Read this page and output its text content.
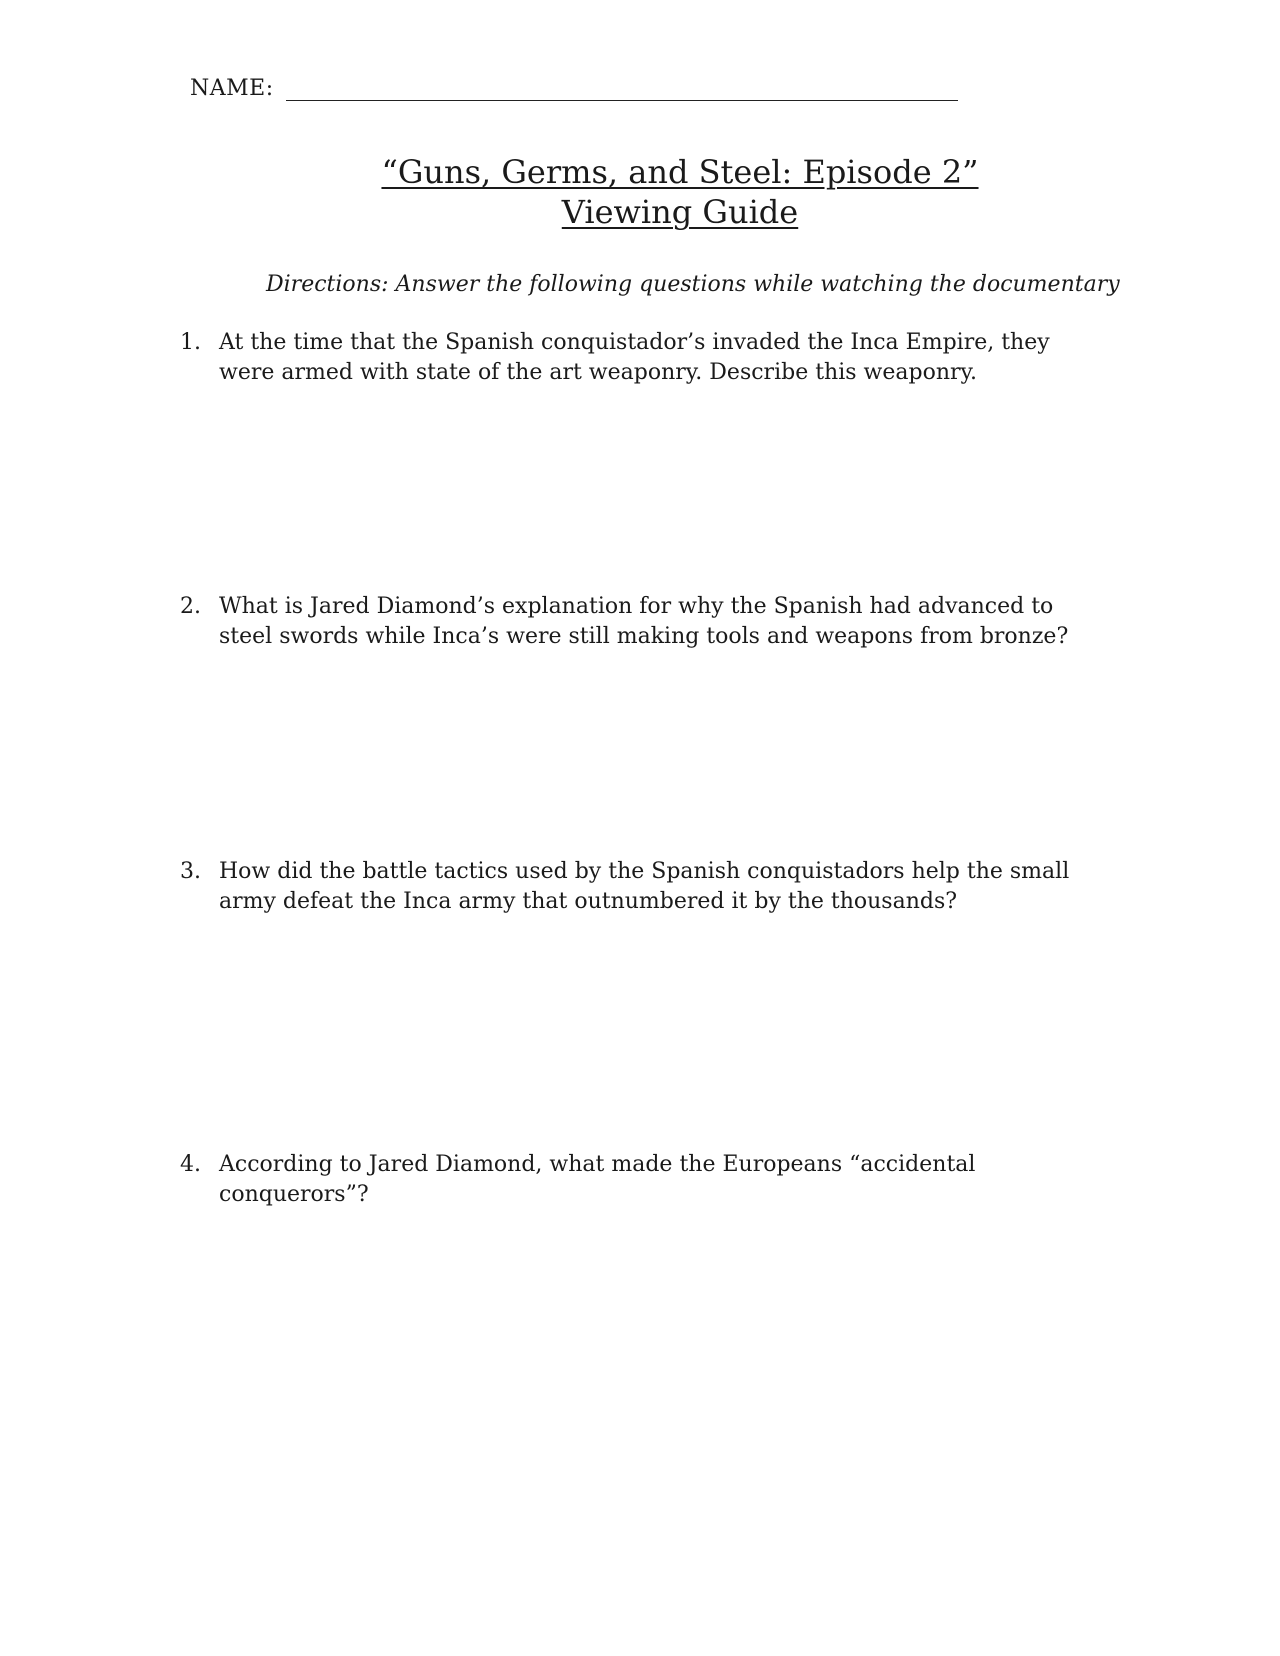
NAME:
“Guns, Germs, and Steel: Episode 2”
Viewing Guide
Directions: Answer the following questions while watching the documentary
1. At the time that the Spanish conquistador’s invaded the Inca Empire, they were armed with state of the art weaponry. Describe this weaponry.
2. What is Jared Diamond’s explanation for why the Spanish had advanced to steel swords while Inca’s were still making tools and weapons from bronze?
3. How did the battle tactics used by the Spanish conquistadors help the small army defeat the Inca army that outnumbered it by the thousands?
4. According to Jared Diamond, what made the Europeans “accidental conquerors”?
